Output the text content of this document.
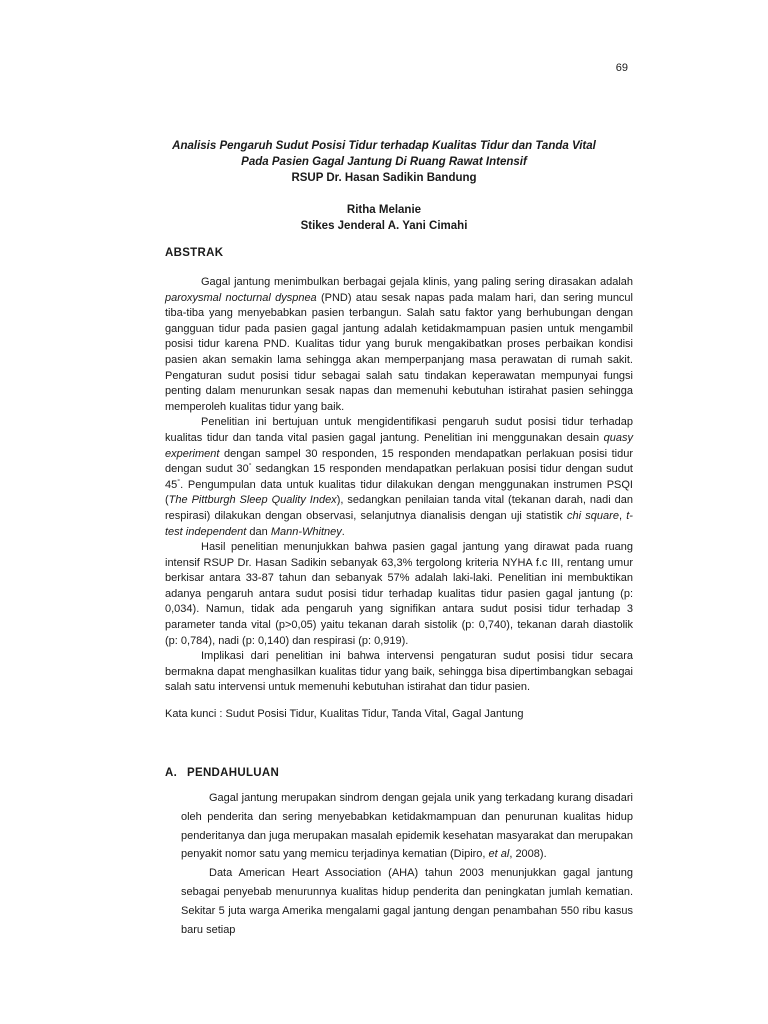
69
Analisis Pengaruh Sudut Posisi Tidur terhadap Kualitas Tidur dan Tanda Vital
Pada Pasien Gagal Jantung Di Ruang Rawat Intensif
RSUP Dr. Hasan Sadikin Bandung
Ritha Melanie
Stikes Jenderal A. Yani Cimahi
ABSTRAK

Gagal jantung menimbulkan berbagai gejala klinis, yang paling sering dirasakan adalah paroxysmal nocturnal dyspnea (PND) atau sesak napas pada malam hari, dan sering muncul tiba-tiba yang menyebabkan pasien terbangun. Salah satu faktor yang berhubungan dengan gangguan tidur pada pasien gagal jantung adalah ketidakmampuan pasien untuk mengambil posisi tidur karena PND. Kualitas tidur yang buruk mengakibatkan proses perbaikan kondisi pasien akan semakin lama sehingga akan memperpanjang masa perawatan di rumah sakit. Pengaturan sudut posisi tidur sebagai salah satu tindakan keperawatan mempunyai fungsi penting dalam menurunkan sesak napas dan memenuhi kebutuhan istirahat pasien sehingga memperoleh kualitas tidur yang baik.

Penelitian ini bertujuan untuk mengidentifikasi pengaruh sudut posisi tidur terhadap kualitas tidur dan tanda vital pasien gagal jantung. Penelitian ini menggunakan desain quasy experiment dengan sampel 30 responden, 15 responden mendapatkan perlakuan posisi tidur dengan sudut 30° sedangkan 15 responden mendapatkan perlakuan posisi tidur dengan sudut 45°. Pengumpulan data untuk kualitas tidur dilakukan dengan menggunakan instrumen PSQI (The Pittburgh Sleep Quality Index), sedangkan penilaian tanda vital (tekanan darah, nadi dan respirasi) dilakukan dengan observasi, selanjutnya dianalisis dengan uji statistik chi square, t-test independent dan Mann-Whitney.

Hasil penelitian menunjukkan bahwa pasien gagal jantung yang dirawat pada ruang intensif RSUP Dr. Hasan Sadikin sebanyak 63,3% tergolong kriteria NYHA f.c III, rentang umur berkisar antara 33-87 tahun dan sebanyak 57% adalah laki-laki. Penelitian ini membuktikan adanya pengaruh antara sudut posisi tidur terhadap kualitas tidur pasien gagal jantung (p: 0,034). Namun, tidak ada pengaruh yang signifikan antara sudut posisi tidur terhadap 3 parameter tanda vital (p>0,05) yaitu tekanan darah sistolik (p: 0,740), tekanan darah diastolik (p: 0,784), nadi (p: 0,140) dan respirasi (p: 0,919).

Implikasi dari penelitian ini bahwa intervensi pengaturan sudut posisi tidur secara bermakna dapat menghasilkan kualitas tidur yang baik, sehingga bisa dipertimbangkan sebagai salah satu intervensi untuk memenuhi kebutuhan istirahat dan tidur pasien.

Kata kunci : Sudut Posisi Tidur, Kualitas Tidur, Tanda Vital, Gagal Jantung
A. PENDAHULUAN

Gagal jantung merupakan sindrom dengan gejala unik yang terkadang kurang disadari oleh penderita dan sering menyebabkan ketidakmampuan dan penurunan kualitas hidup penderitanya dan juga merupakan masalah epidemik kesehatan masyarakat dan merupakan penyakit nomor satu yang memicu terjadinya kematian (Dipiro, et al, 2008).

Data American Heart Association (AHA) tahun 2003 menunjukkan gagal jantung sebagai penyebab menurunnya kualitas hidup penderita dan peningkatan jumlah kematian. Sekitar 5 juta warga Amerika mengalami gagal jantung dengan penambahan 550 ribu kasus baru setiap
